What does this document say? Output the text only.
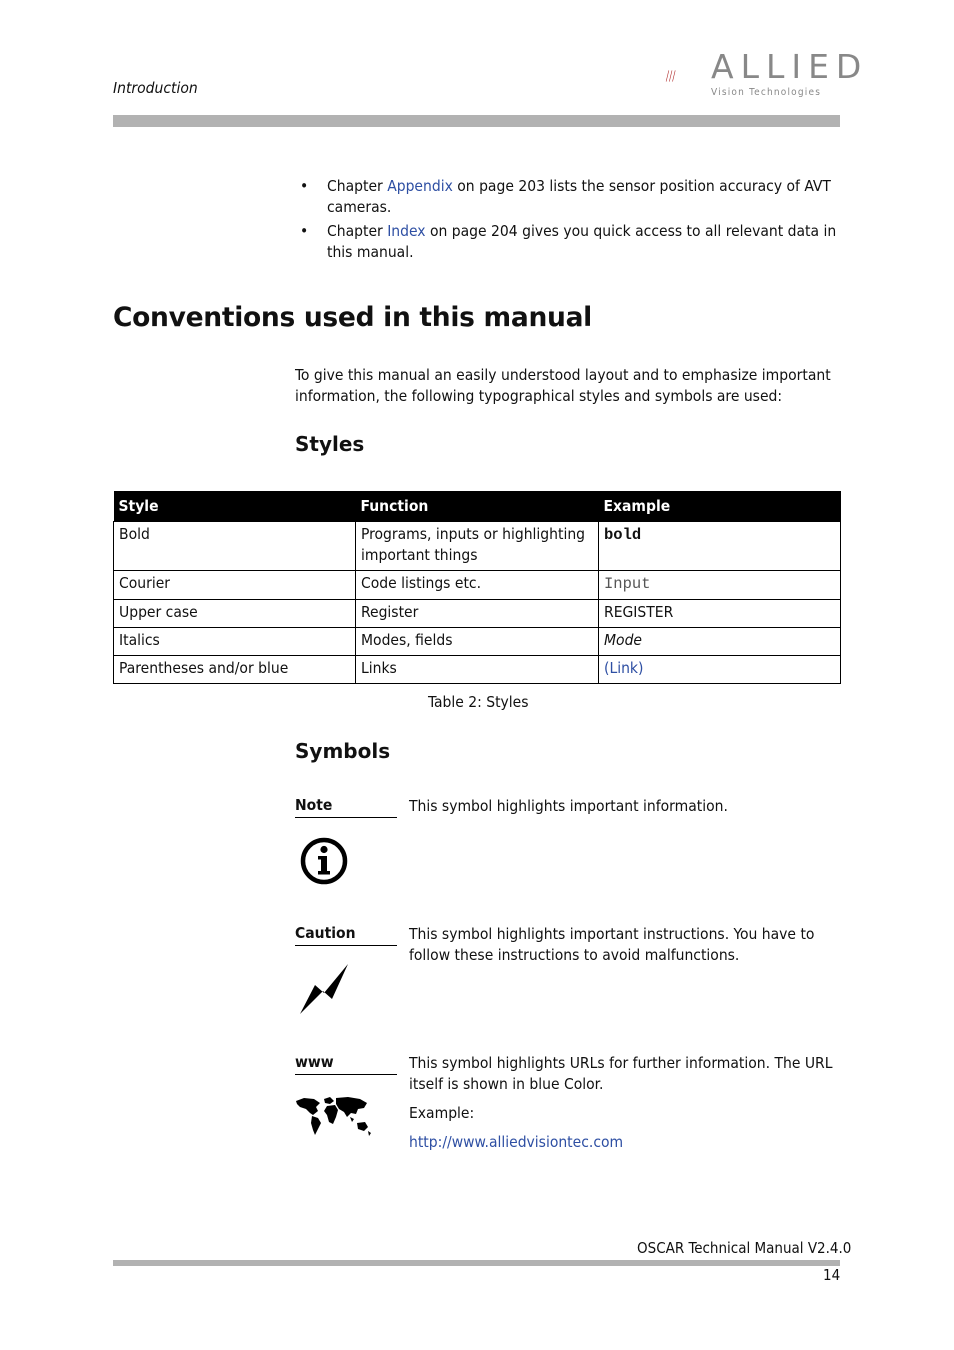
Introduction
ALLIED
Vision Technologies
• Chapter Appendix on page 203 lists the sensor position accuracy of AVT cameras.
• Chapter Index on page 204 gives you quick access to all relevant data in this manual.
Conventions used in this manual
To give this manual an easily understood layout and to emphasize important information, the following typographical styles and symbols are used:
Styles
Style	Function	Example
Bold	Programs, inputs or highlighting important things	bold
Courier	Code listings etc.	Input
Upper case	Register	REGISTER
Italics	Modes, fields	Mode
Parentheses and/or blue	Links	(Link)
Table 2: Styles
Symbols
Note	This symbol highlights important information.
Caution	This symbol highlights important instructions. You have to follow these instructions to avoid malfunctions.
www	This symbol highlights URLs for further information. The URL itself is shown in blue Color.
Example:
http://www.alliedvisiontec.com
OSCAR Technical Manual V2.4.0
14
